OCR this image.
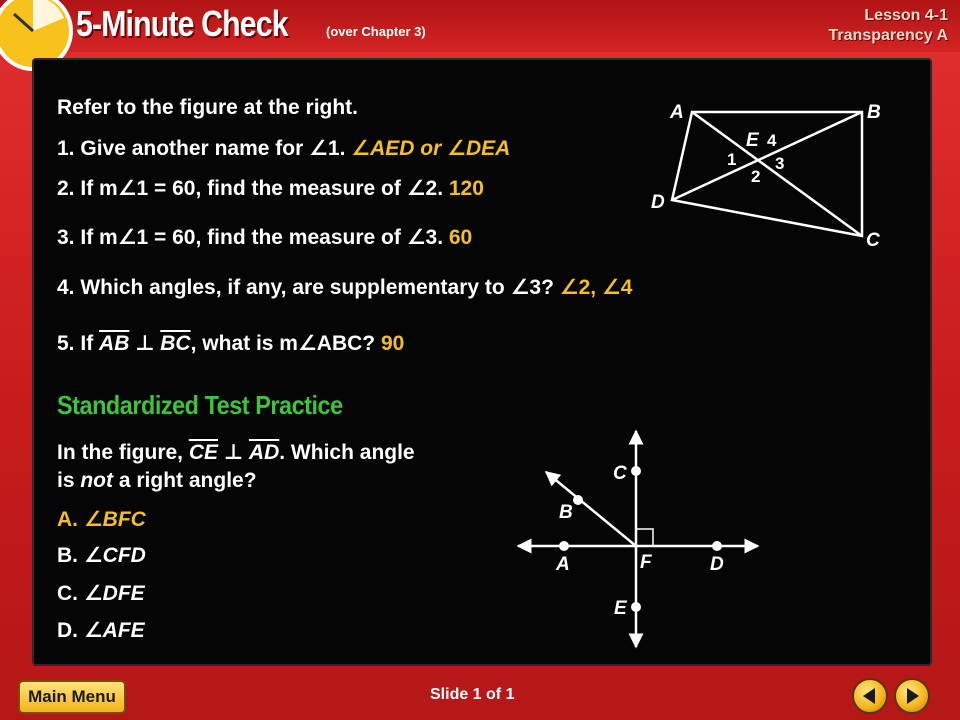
5-Minute Check	(over Chapter 3)
Lesson 4-1
Transparency A
Refer to the figure at the right.
1. Give another name for ∠1. ∠AED or ∠DEA
2. If m∠1 = 60, find the measure of ∠2. 120
3. If m∠1 = 60, find the measure of ∠3. 60
4. Which angles, if any, are supplementary to ∠3? ∠2, ∠4
5. If $\overline{AB}$ ⊥ $\overline{BC}$, what is m∠ABC? 90
A	B
C
D
E
1
2
3
4
Standardized Test Practice
In the figure, $\overline{CE}$ ⊥ $\overline{AD}$. Which angle
is not a right angle?
A. ∠BFC
B. ∠CFD
C. ∠DFE
D. ∠AFE
C
E
A	D
B
F
Main Menu	Slide 1 of 1
